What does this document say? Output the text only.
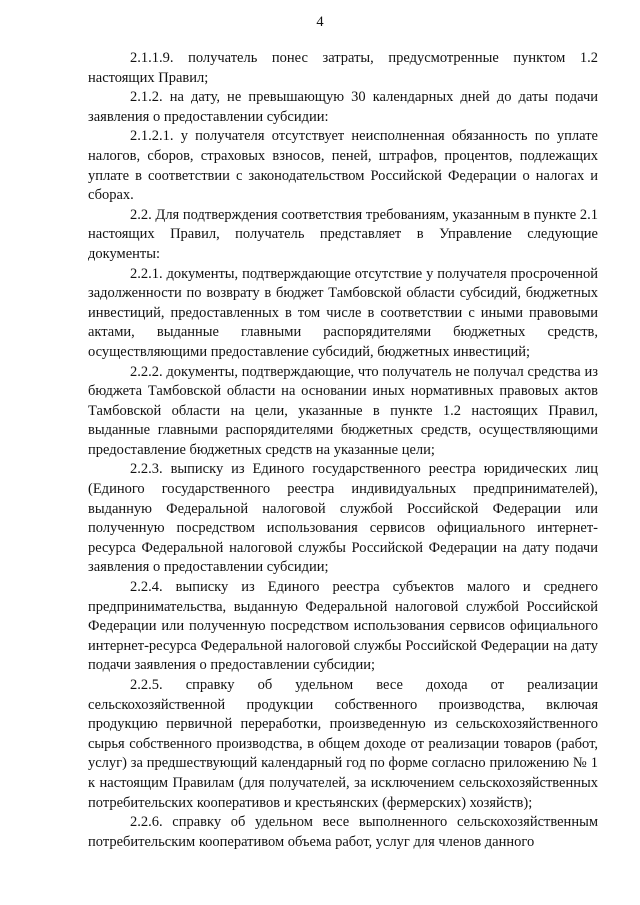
4

2.1.1.9. получатель понес затраты, предусмотренные пунктом 1.2 настоящих Правил;

2.1.2. на дату, не превышающую 30 календарных дней до даты подачи заявления о предоставлении субсидии:

2.1.2.1. у получателя отсутствует неисполненная обязанность по уплате налогов, сборов, страховых взносов, пеней, штрафов, процентов, подлежащих уплате в соответствии с законодательством Российской Федерации о налогах и сборах.

2.2. Для подтверждения соответствия требованиям, указанным в пункте 2.1 настоящих Правил, получатель представляет в Управление следующие документы:

2.2.1. документы, подтверждающие отсутствие у получателя просроченной задолженности по возврату в бюджет Тамбовской области субсидий, бюджетных инвестиций, предоставленных в том числе в соответствии с иными правовыми актами, выданные главными распорядителями бюджетных средств, осуществляющими предоставление субсидий, бюджетных инвестиций;

2.2.2. документы, подтверждающие, что получатель не получал средства из бюджета Тамбовской области на основании иных нормативных правовых актов Тамбовской области на цели, указанные в пункте 1.2 настоящих Правил, выданные главными распорядителями бюджетных средств, осуществляющими предоставление бюджетных средств на указанные цели;

2.2.3. выписку из Единого государственного реестра юридических лиц (Единого государственного реестра индивидуальных предпринимателей), выданную Федеральной налоговой службой Российской Федерации или полученную посредством использования сервисов официального интернет-ресурса Федеральной налоговой службы Российской Федерации на дату подачи заявления о предоставлении субсидии;

2.2.4. выписку из Единого реестра субъектов малого и среднего предпринимательства, выданную Федеральной налоговой службой Российской Федерации или полученную посредством использования сервисов официального интернет-ресурса Федеральной налоговой службы Российской Федерации на дату подачи заявления о предоставлении субсидии;

2.2.5. справку об удельном весе дохода от реализации сельскохозяйственной продукции собственного производства, включая продукцию первичной переработки, произведенную из сельскохозяйственного сырья собственного производства, в общем доходе от реализации товаров (работ, услуг) за предшествующий календарный год по форме согласно приложению № 1 к настоящим Правилам (для получателей, за исключением сельскохозяйственных потребительских кооперативов и крестьянских (фермерских) хозяйств);

2.2.6. справку об удельном весе выполненного сельскохозяйственным потребительским кооперативом объема работ, услуг для членов данного
